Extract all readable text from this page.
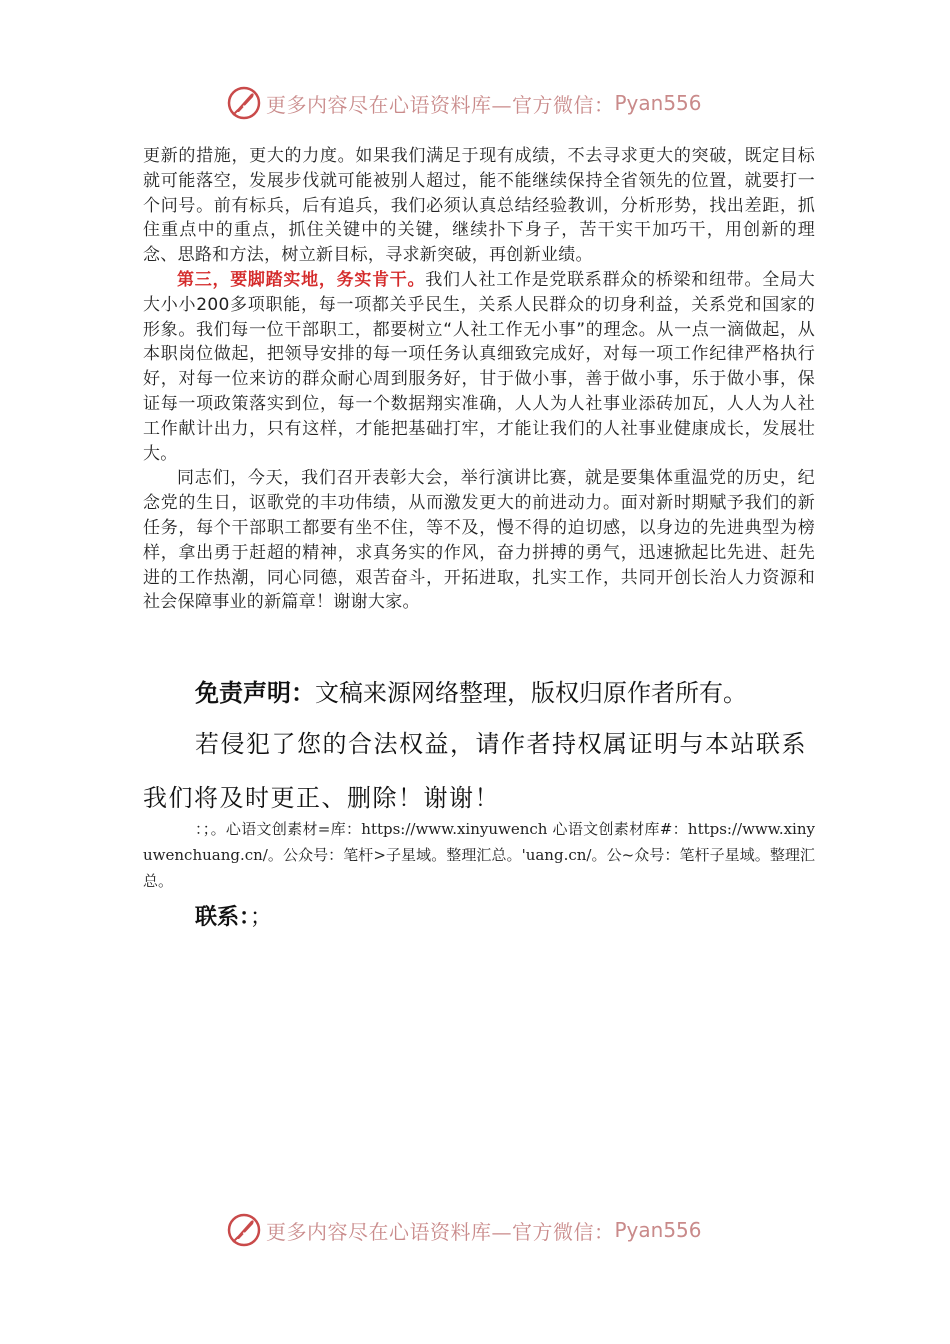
更多内容尽在心语资料库—官方微信： Pyan556

更新的措施，更大的力度。如果我们满足于现有成绩，不去寻求更大的突破，既定目标就可能落空，发展步伐就可能被别人超过，能不能继续保持全省领先的位置，就要打一个问号。前有标兵，后有追兵，我们必须认真总结经验教训，分析形势，找出差距，抓住重点中的重点，抓住关键中的关键，继续扑下身子，苦干实干加巧干，用创新的理念、思路和方法，树立新目标，寻求新突破，再创新业绩。

第三，要脚踏实地，务实肯干。我们人社工作是党联系群众的桥梁和纽带。全局大大小小200多项职能，每一项都关乎民生，关系人民群众的切身利益，关系党和国家的形象。我们每一位干部职工，都要树立“人社工作无小事”的理念。从一点一滴做起，从本职岗位做起，把领导安排的每一项任务认真细致完成好，对每一项工作纪律严格执行好，对每一位来访的群众耐心周到服务好，甘于做小事，善于做小事，乐于做小事，保证每一项政策落实到位，每一个数据翔实准确，人人为人社事业添砖加瓦，人人为人社工作献计出力，只有这样，才能把基础打牢，才能让我们的人社事业健康成长，发展壮大。

同志们，今天，我们召开表彰大会，举行演讲比赛，就是要集体重温党的历史，纪念党的生日，讴歌党的丰功伟绩，从而激发更大的前进动力。面对新时期赋予我们的新任务，每个干部职工都要有坐不住，等不及，慢不得的迫切感，以身边的先进典型为榜样，拿出勇于赶超的精神，求真务实的作风，奋力拼搏的勇气，迅速掀起比先进、赶先进的工作热潮，同心同德，艰苦奋斗，开拓进取，扎实工作，共同开创长治人力资源和社会保障事业的新篇章！谢谢大家。

免责声明：文稿来源网络整理，版权归原作者所有。
若侵犯了您的合法权益，请作者持权属证明与本站联系
我们将及时更正、删除！谢谢！
：；。心语文创素材=库：https://www.xinyuwench 心语文创素材库#：https://www.xinyuwenchuang.cn/。公众号：笔杆>子星域。整理汇总。'uang.cn/。公~众号：笔杆子星域。整理汇总。
联系：；
更多内容尽在心语资料库—官方微信： Pyan556
